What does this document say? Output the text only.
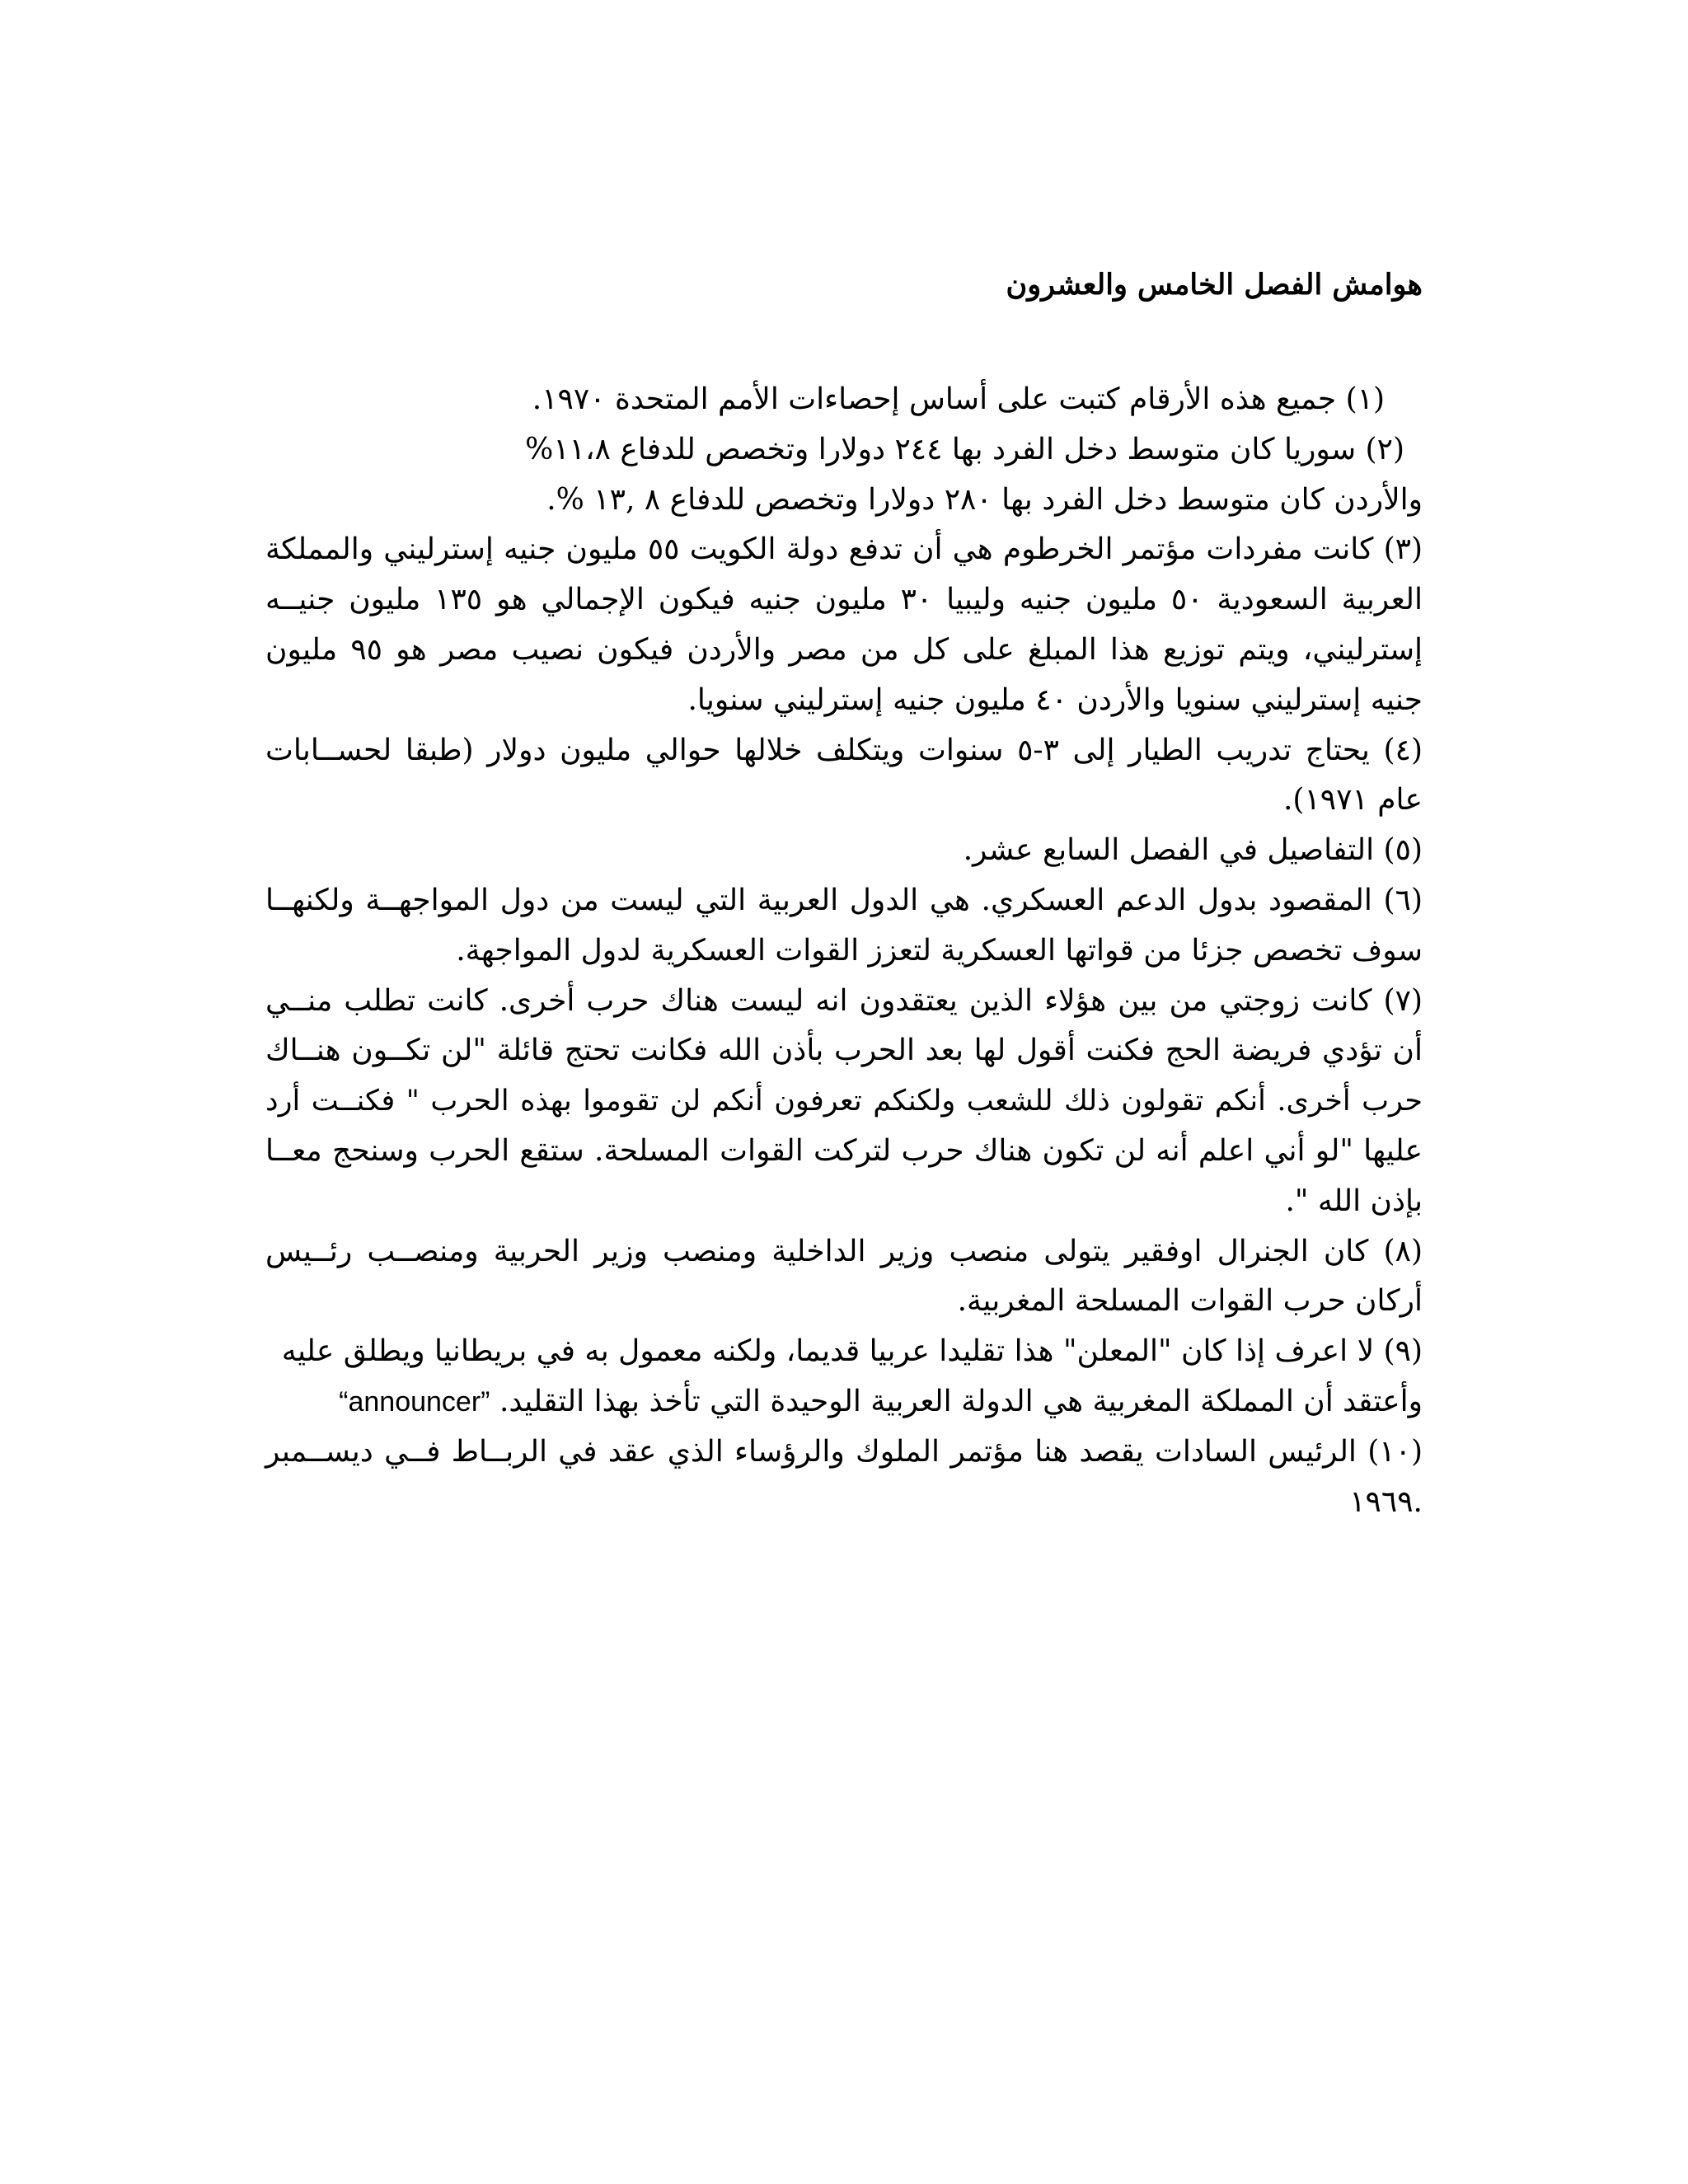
هوامش الفصل الخامس والعشرون
(١) جميع هذه الأرقام كتبت على أساس إحصاءات الأمم المتحدة ١٩٧٠.
(٢) سوريا كان متوسط دخل الفرد بها ٢٤٤ دولارا وتخصص للدفاع ١١،٨%
والأردن كان متوسط دخل الفرد بها ٢٨٠ دولارا وتخصص للدفاع ٨ ,١٣ %.
(٣) كانت مفردات مؤتمر الخرطوم هي أن تدفع دولة الكويت ٥٥ مليون جنيه إسترليني والمملكة
العربية السعودية ٥٠ مليون جنيه وليبيا ٣٠ مليون جنيه فيكون الإجمالي هو ١٣٥ مليون جنيــه
إسترليني، ويتم توزيع هذا المبلغ على كل من مصر والأردن فيكون نصيب مصر هو ٩٥ مليون
جنيه إسترليني سنويا والأردن ٤٠ مليون جنيه إسترليني سنويا.
(٤) يحتاج تدريب الطيار إلى ٣-٥ سنوات ويتكلف خلالها حوالي مليون دولار (طبقا لحســابات
عام ١٩٧١).
(٥) التفاصيل في الفصل السابع عشر.
(٦) المقصود بدول الدعم العسكري. هي الدول العربية التي ليست من دول المواجهــة ولكنهــا
سوف تخصص جزئا من قواتها العسكرية لتعزز القوات العسكرية لدول المواجهة.
(٧) كانت زوجتي من بين هؤلاء الذين يعتقدون انه ليست هناك حرب أخرى. كانت تطلب منــي
أن تؤدي فريضة الحج فكنت أقول لها بعد الحرب بأذن الله فكانت تحتج قائلة "لن تكــون هنــاك
حرب أخرى. أنكم تقولون ذلك للشعب ولكنكم تعرفون أنكم لن تقوموا بهذه الحرب " فكنــت أرد
عليها "لو أني اعلم أنه لن تكون هناك حرب لتركت القوات المسلحة. ستقع الحرب وسنحج معــا
بإذن الله ".
(٨) كان الجنرال اوفقير يتولى منصب وزير الداخلية ومنصب وزير الحربية ومنصــب رئــيس
أركان حرب القوات المسلحة المغربية.
(٩) لا اعرف إذا كان "المعلن" هذا تقليدا عربيا قديما، ولكنه معمول به في بريطانيا ويطلق عليه
وأعتقد أن المملكة المغربية هي الدولة العربية الوحيدة التي تأخذ بهذا التقليد. “announcer”
(١٠) الرئيس السادات يقصد هنا مؤتمر الملوك والرؤساء الذي عقد في الربــاط فــي ديســمبر
.١٩٦٩
